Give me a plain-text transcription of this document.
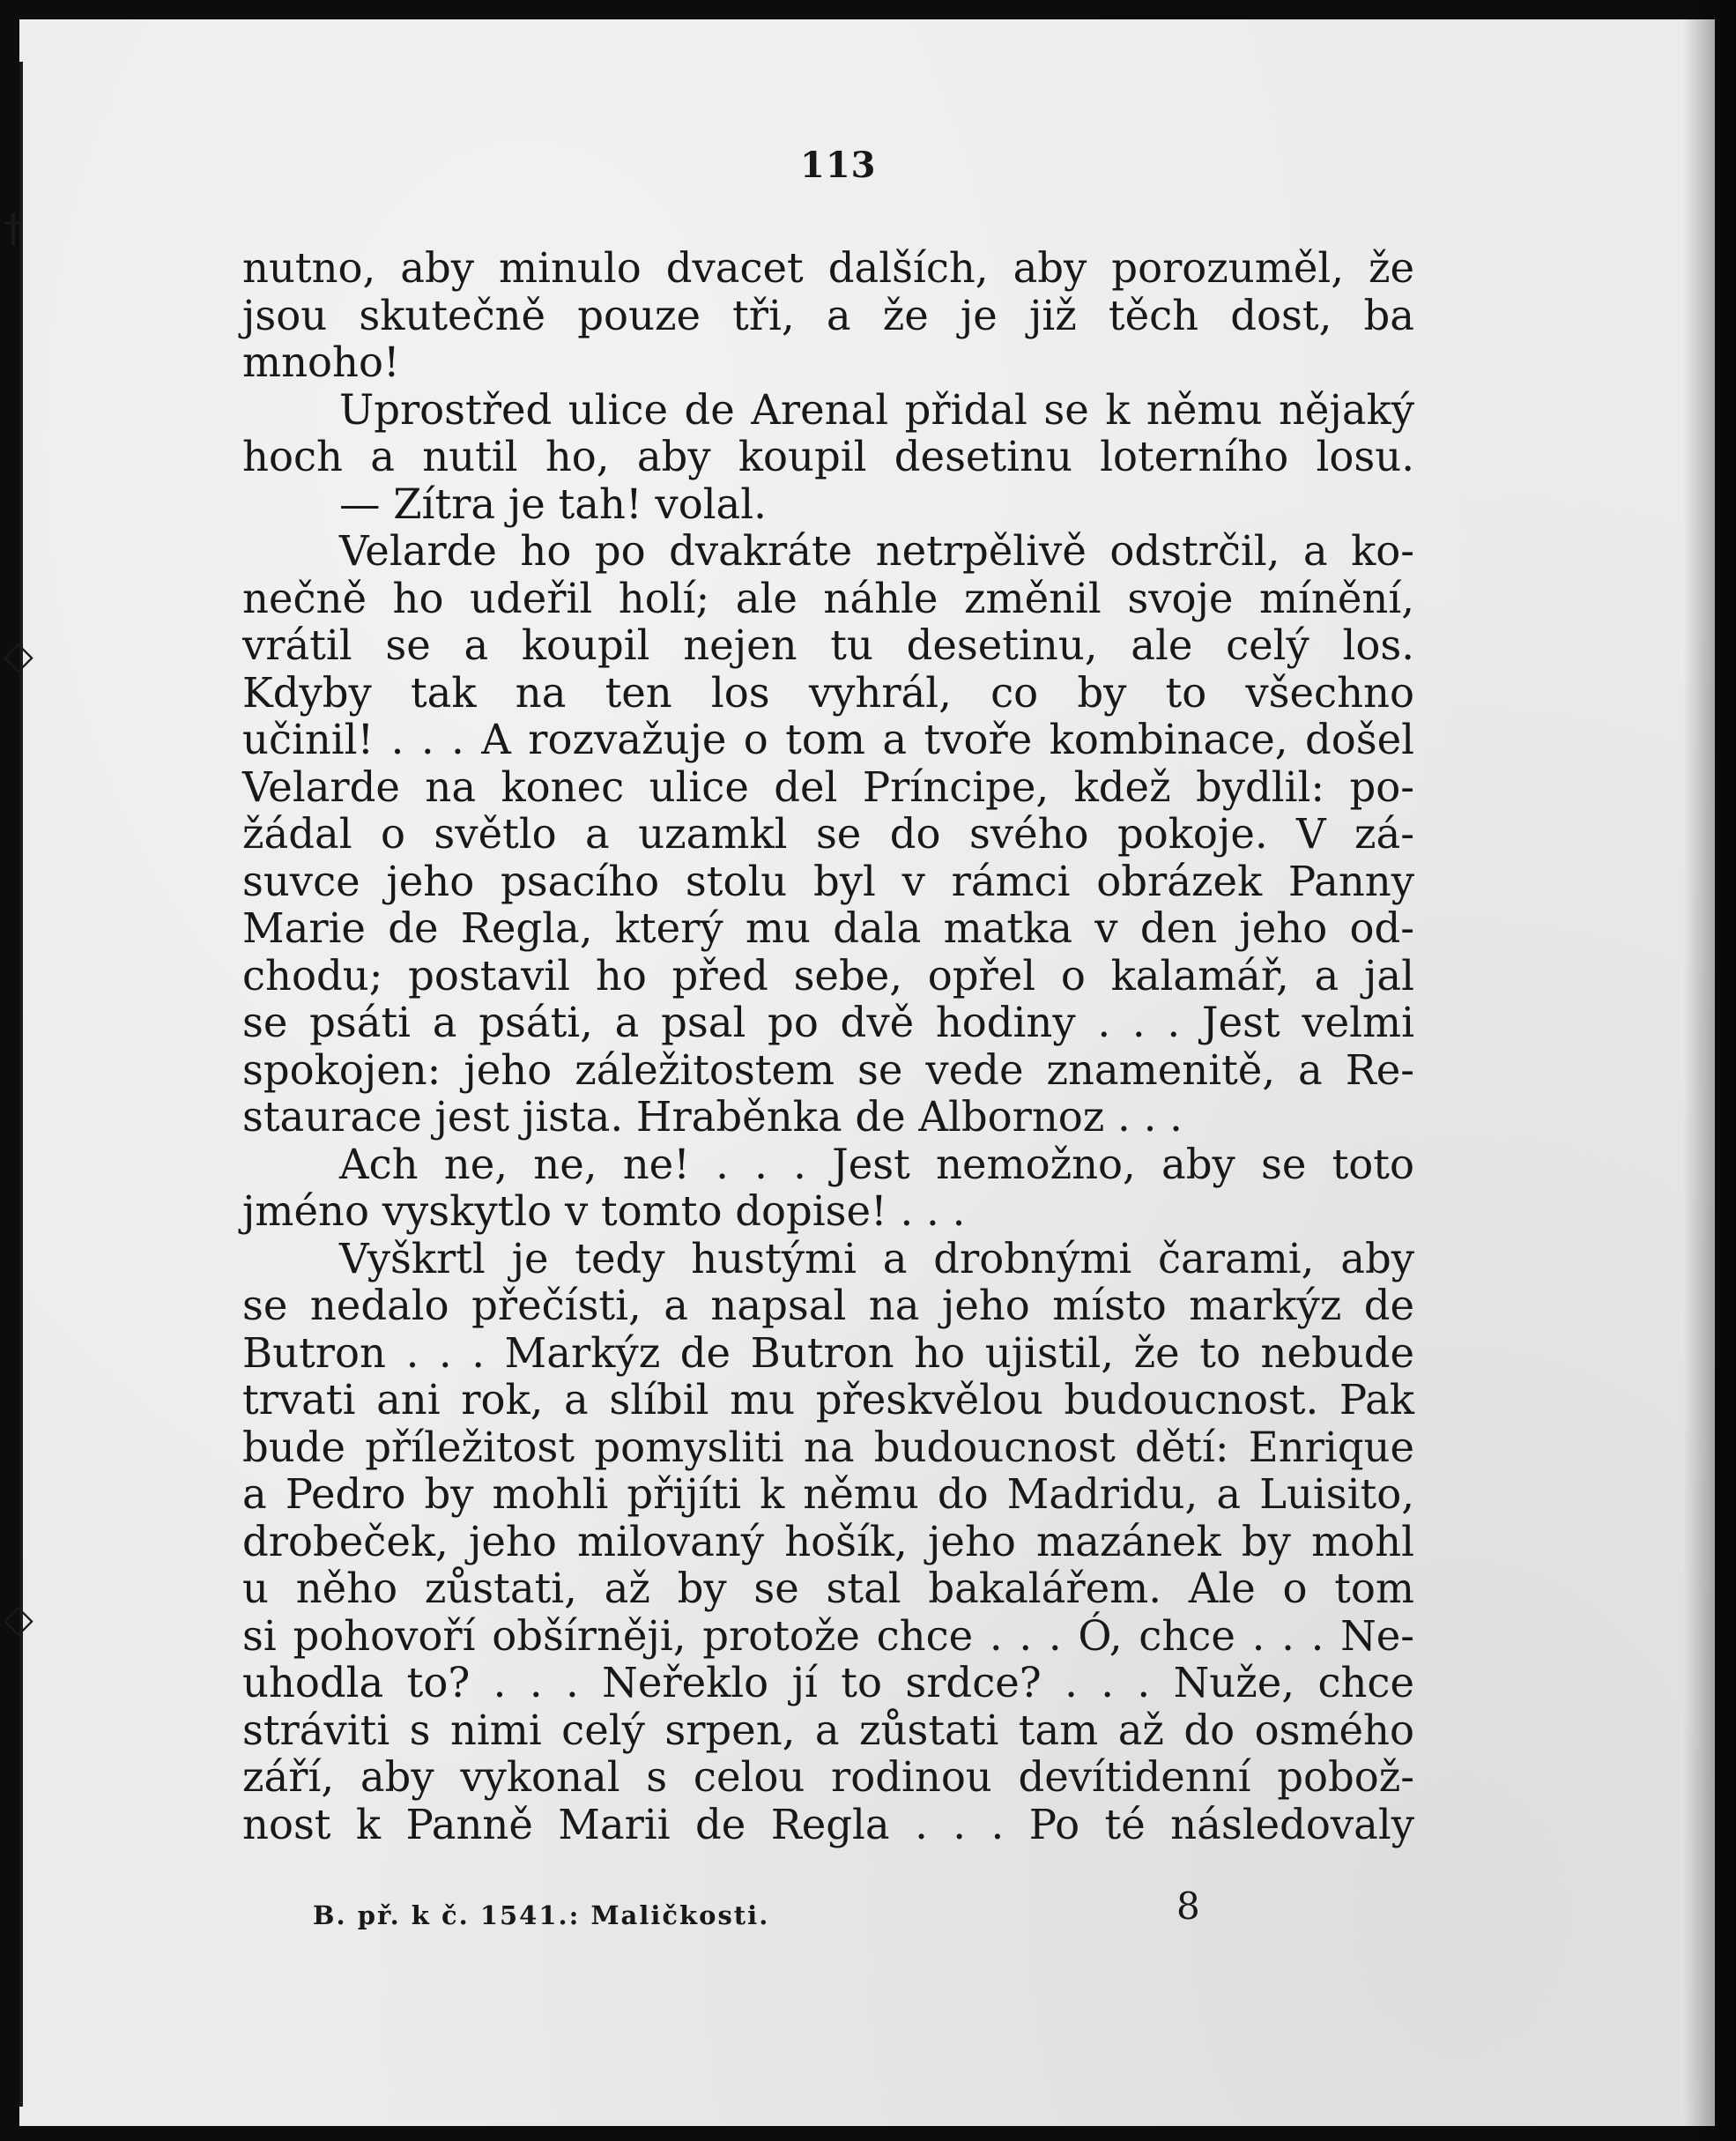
†
◇
◇
113
nutno, aby minulo dvacet dalších, aby porozuměl, že
jsou skutečně pouze tři, a že je již těch dost, ba
mnoho!
Uprostřed ulice de Arenal přidal se k němu nějaký
hoch a nutil ho, aby koupil desetinu loterního losu.
— Zítra je tah! volal.
Velarde ho po dvakráte netrpělivě odstrčil, a ko-
nečně ho udeřil holí; ale náhle změnil svoje mínění,
vrátil se a koupil nejen tu desetinu, ale celý los.
Kdyby tak na ten los vyhrál, co by to všechno
učinil! . . . A rozvažuje o tom a tvoře kombinace, došel
Velarde na konec ulice del Príncipe, kdež bydlil: po-
žádal o světlo a uzamkl se do svého pokoje. V zá-
suvce jeho psacího stolu byl v rámci obrázek Panny
Marie de Regla, který mu dala matka v den jeho od-
chodu; postavil ho před sebe, opřel o kalamář, a jal
se psáti a psáti, a psal po dvě hodiny . . . Jest velmi
spokojen: jeho záležitostem se vede znamenitě, a Re-
staurace jest jista. Hraběnka de Albornoz . . .
Ach ne, ne, ne! . . . Jest nemožno, aby se toto
jméno vyskytlo v tomto dopise! . . .
Vyškrtl je tedy hustými a drobnými čarami, aby
se nedalo přečísti, a napsal na jeho místo markýz de
Butron . . . Markýz de Butron ho ujistil, že to nebude
trvati ani rok, a slíbil mu přeskvělou budoucnost. Pak
bude příležitost pomysliti na budoucnost dětí: Enrique
a Pedro by mohli přijíti k němu do Madridu, a Luisito,
drobeček, jeho milovaný hošík, jeho mazánek by mohl
u něho zůstati, až by se stal bakalářem. Ale o tom
si pohovoří obšírněji, protože chce . . . Ó, chce . . . Ne-
uhodla to? . . . Neřeklo jí to srdce? . . . Nuže, chce
stráviti s nimi celý srpen, a zůstati tam až do osmého
září, aby vykonal s celou rodinou devítidenní pobož-
nost k Panně Marii de Regla . . . Po té následovaly
B. př. k č. 1541.: Maličkosti.	8
